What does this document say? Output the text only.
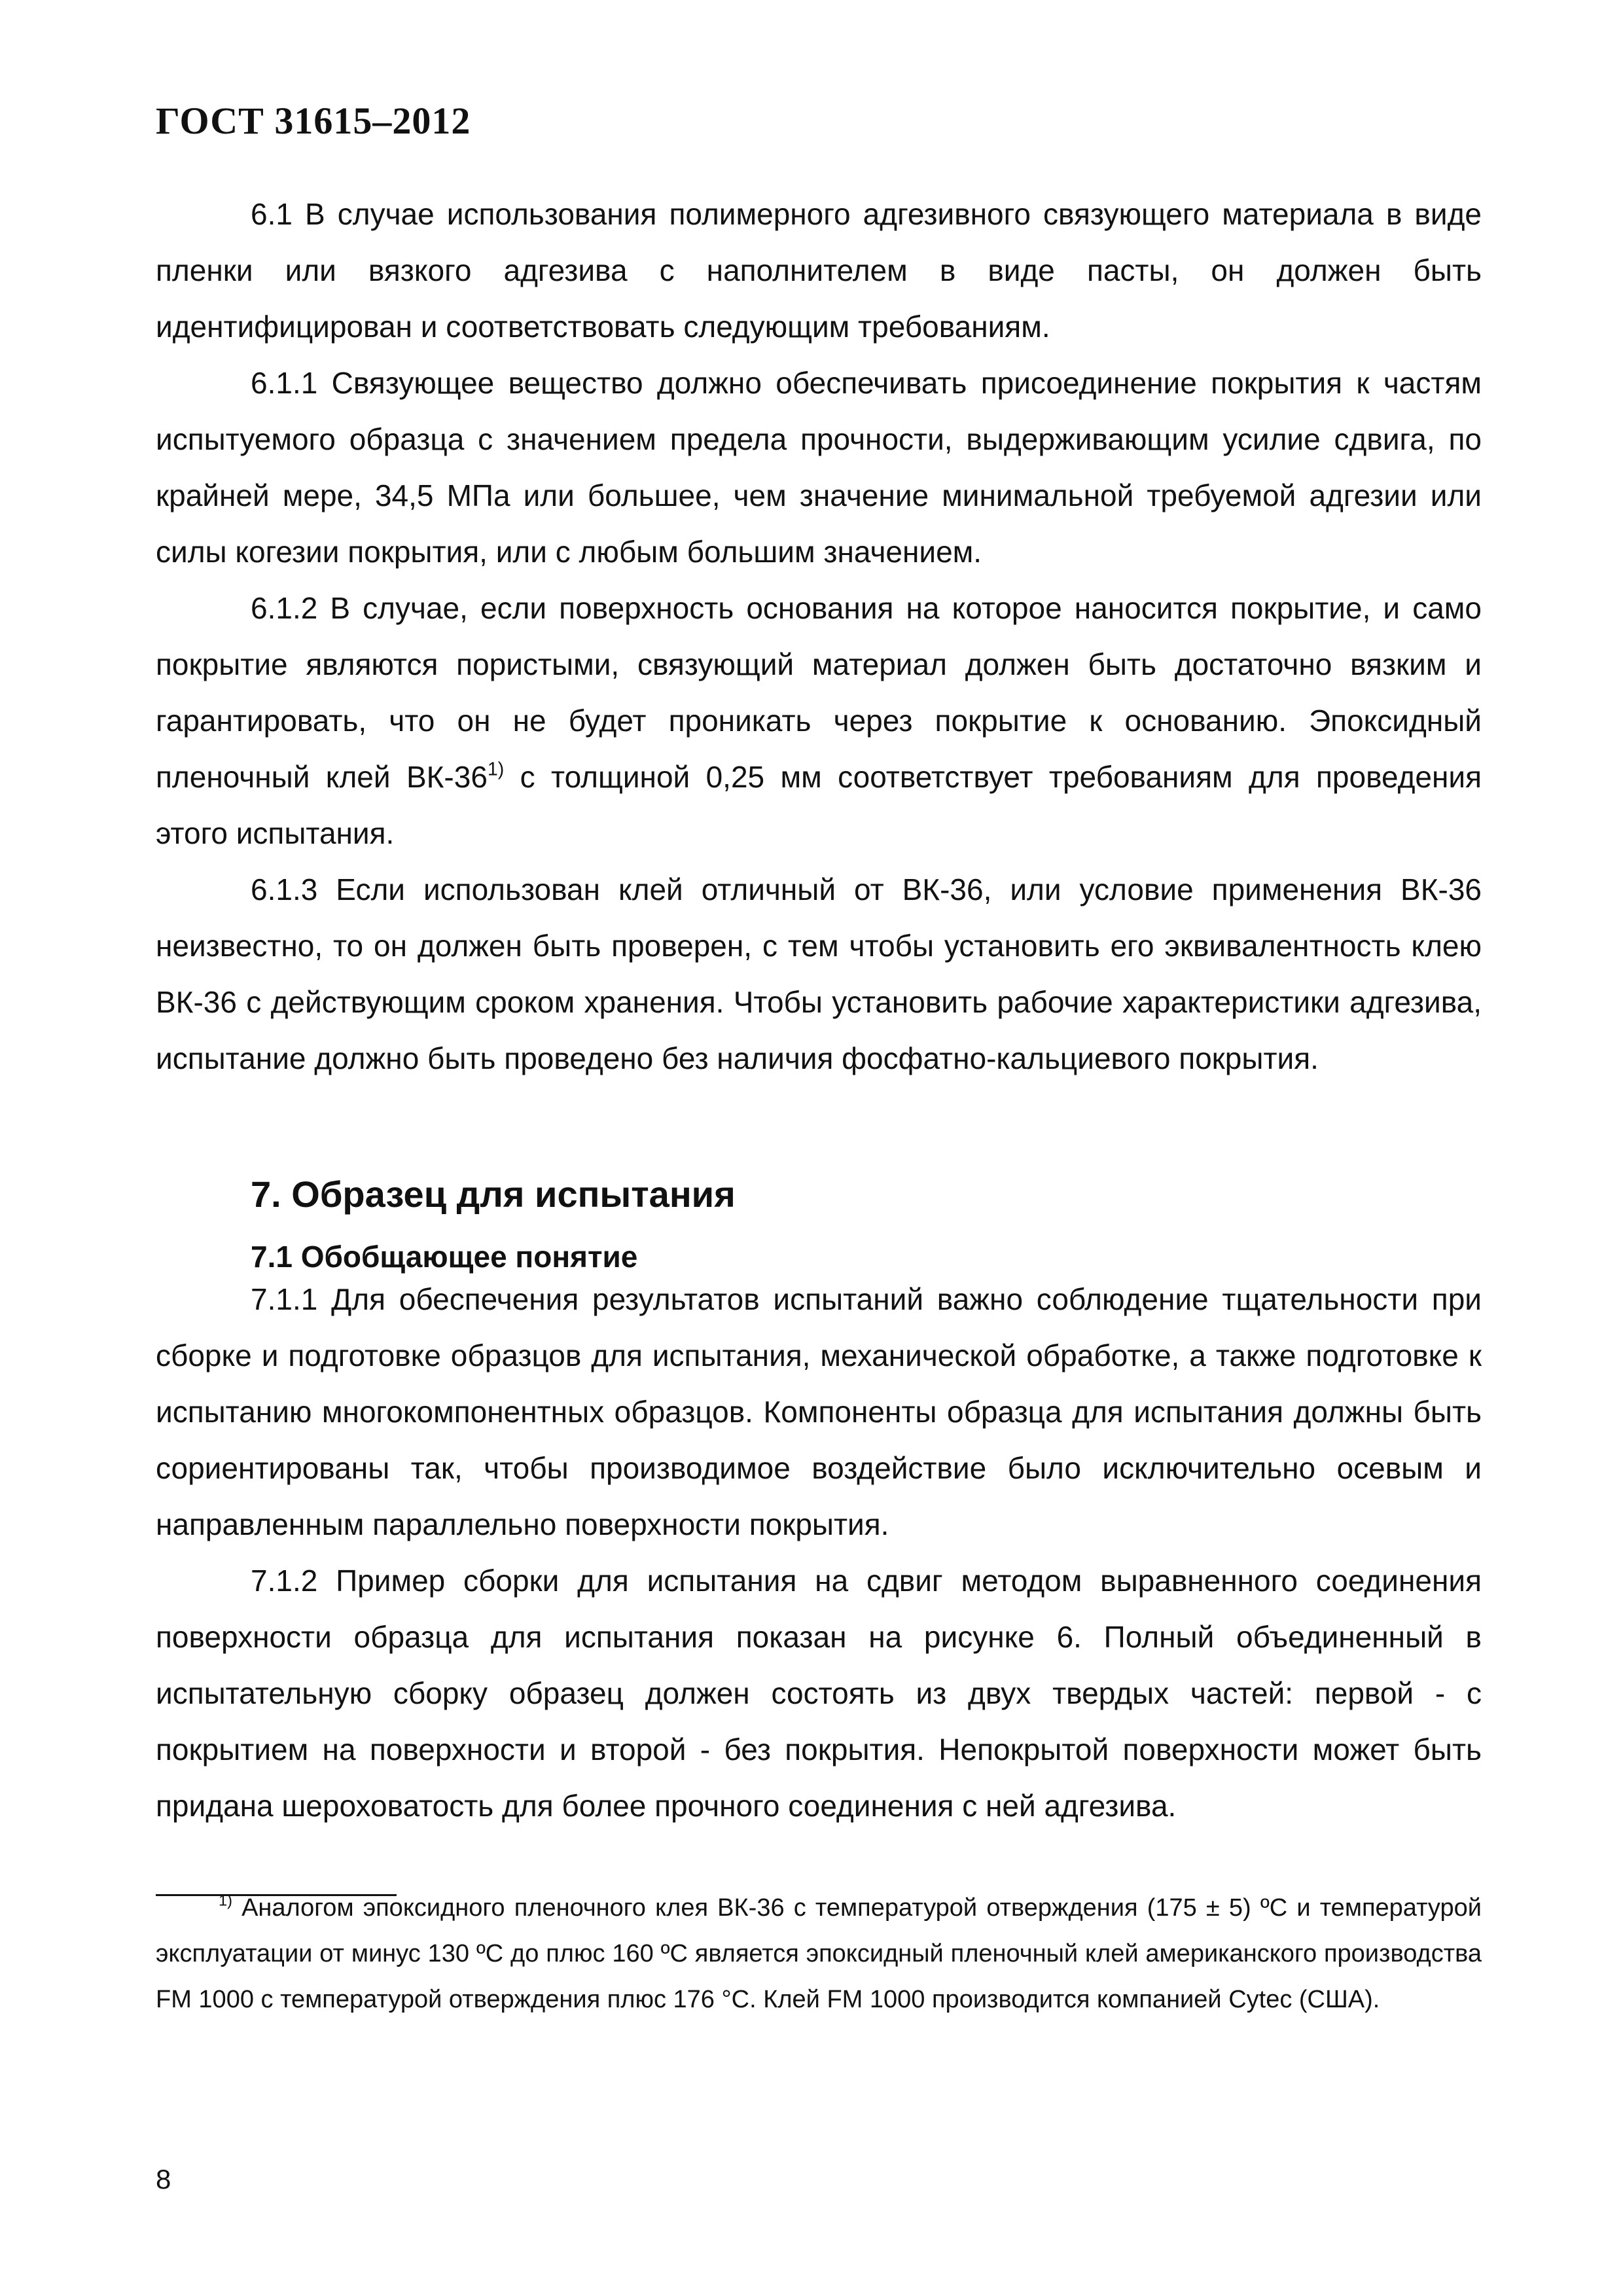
ГОСТ 31615–2012

6.1 В случае использования полимерного адгезивного связующего материала в виде пленки или вязкого адгезива с наполнителем в виде пасты, он должен быть идентифицирован и соответствовать следующим требованиям.

6.1.1 Связующее вещество должно обеспечивать присоединение покрытия к частям испытуемого образца с значением предела прочности, выдерживающим усилие сдвига, по крайней мере, 34,5 МПа или большее, чем значение минимальной требуемой адгезии или силы когезии покрытия, или с любым большим значением.

6.1.2 В случае, если поверхность основания на которое наносится покрытие, и само покрытие являются пористыми, связующий материал должен быть достаточно вязким и гарантировать, что он не будет проникать через покрытие к основанию. Эпоксидный пленочный клей ВК-36$^{1)}$ с толщиной 0,25 мм соответствует требованиям для проведения этого испытания.

6.1.3 Если использован клей отличный от ВК-36, или условие применения ВК-36 неизвестно, то он должен быть проверен, с тем чтобы установить его эквивалентность клею ВК-36 с действующим сроком хранения. Чтобы установить рабочие характеристики адгезива, испытание должно быть проведено без наличия фосфатно-кальциевого покрытия.

7. Образец для испытания
7.1 Обобщающее понятие

7.1.1 Для обеспечения результатов испытаний важно соблюдение тщательности при сборке и подготовке образцов для испытания, механической обработке, а также подготовке к испытанию многокомпонентных образцов. Компоненты образца для испытания должны быть сориентированы так, чтобы производимое воздействие было исключительно осевым и направленным параллельно поверхности покрытия.

7.1.2 Пример сборки для испытания на сдвиг методом выравненного соединения поверхности образца для испытания показан на рисунке 6. Полный объединенный в испытательную сборку образец должен состоять из двух твердых частей: первой - с покрытием на поверхности и второй - без покрытия. Непокрытой поверхности может быть придана шероховатость для более прочного соединения с ней адгезива.

$^{1)}$ Аналогом эпоксидного пленочного клея ВК-36 с температурой отверждения (175 ± 5) ºС и температурой эксплуатации от минус 130 ºС до плюс 160 ºС является эпоксидный пленочный клей американского производства FM 1000 с температурой отверждения плюс 176 °С. Клей FM 1000 производится компанией Cytec (США).
8
